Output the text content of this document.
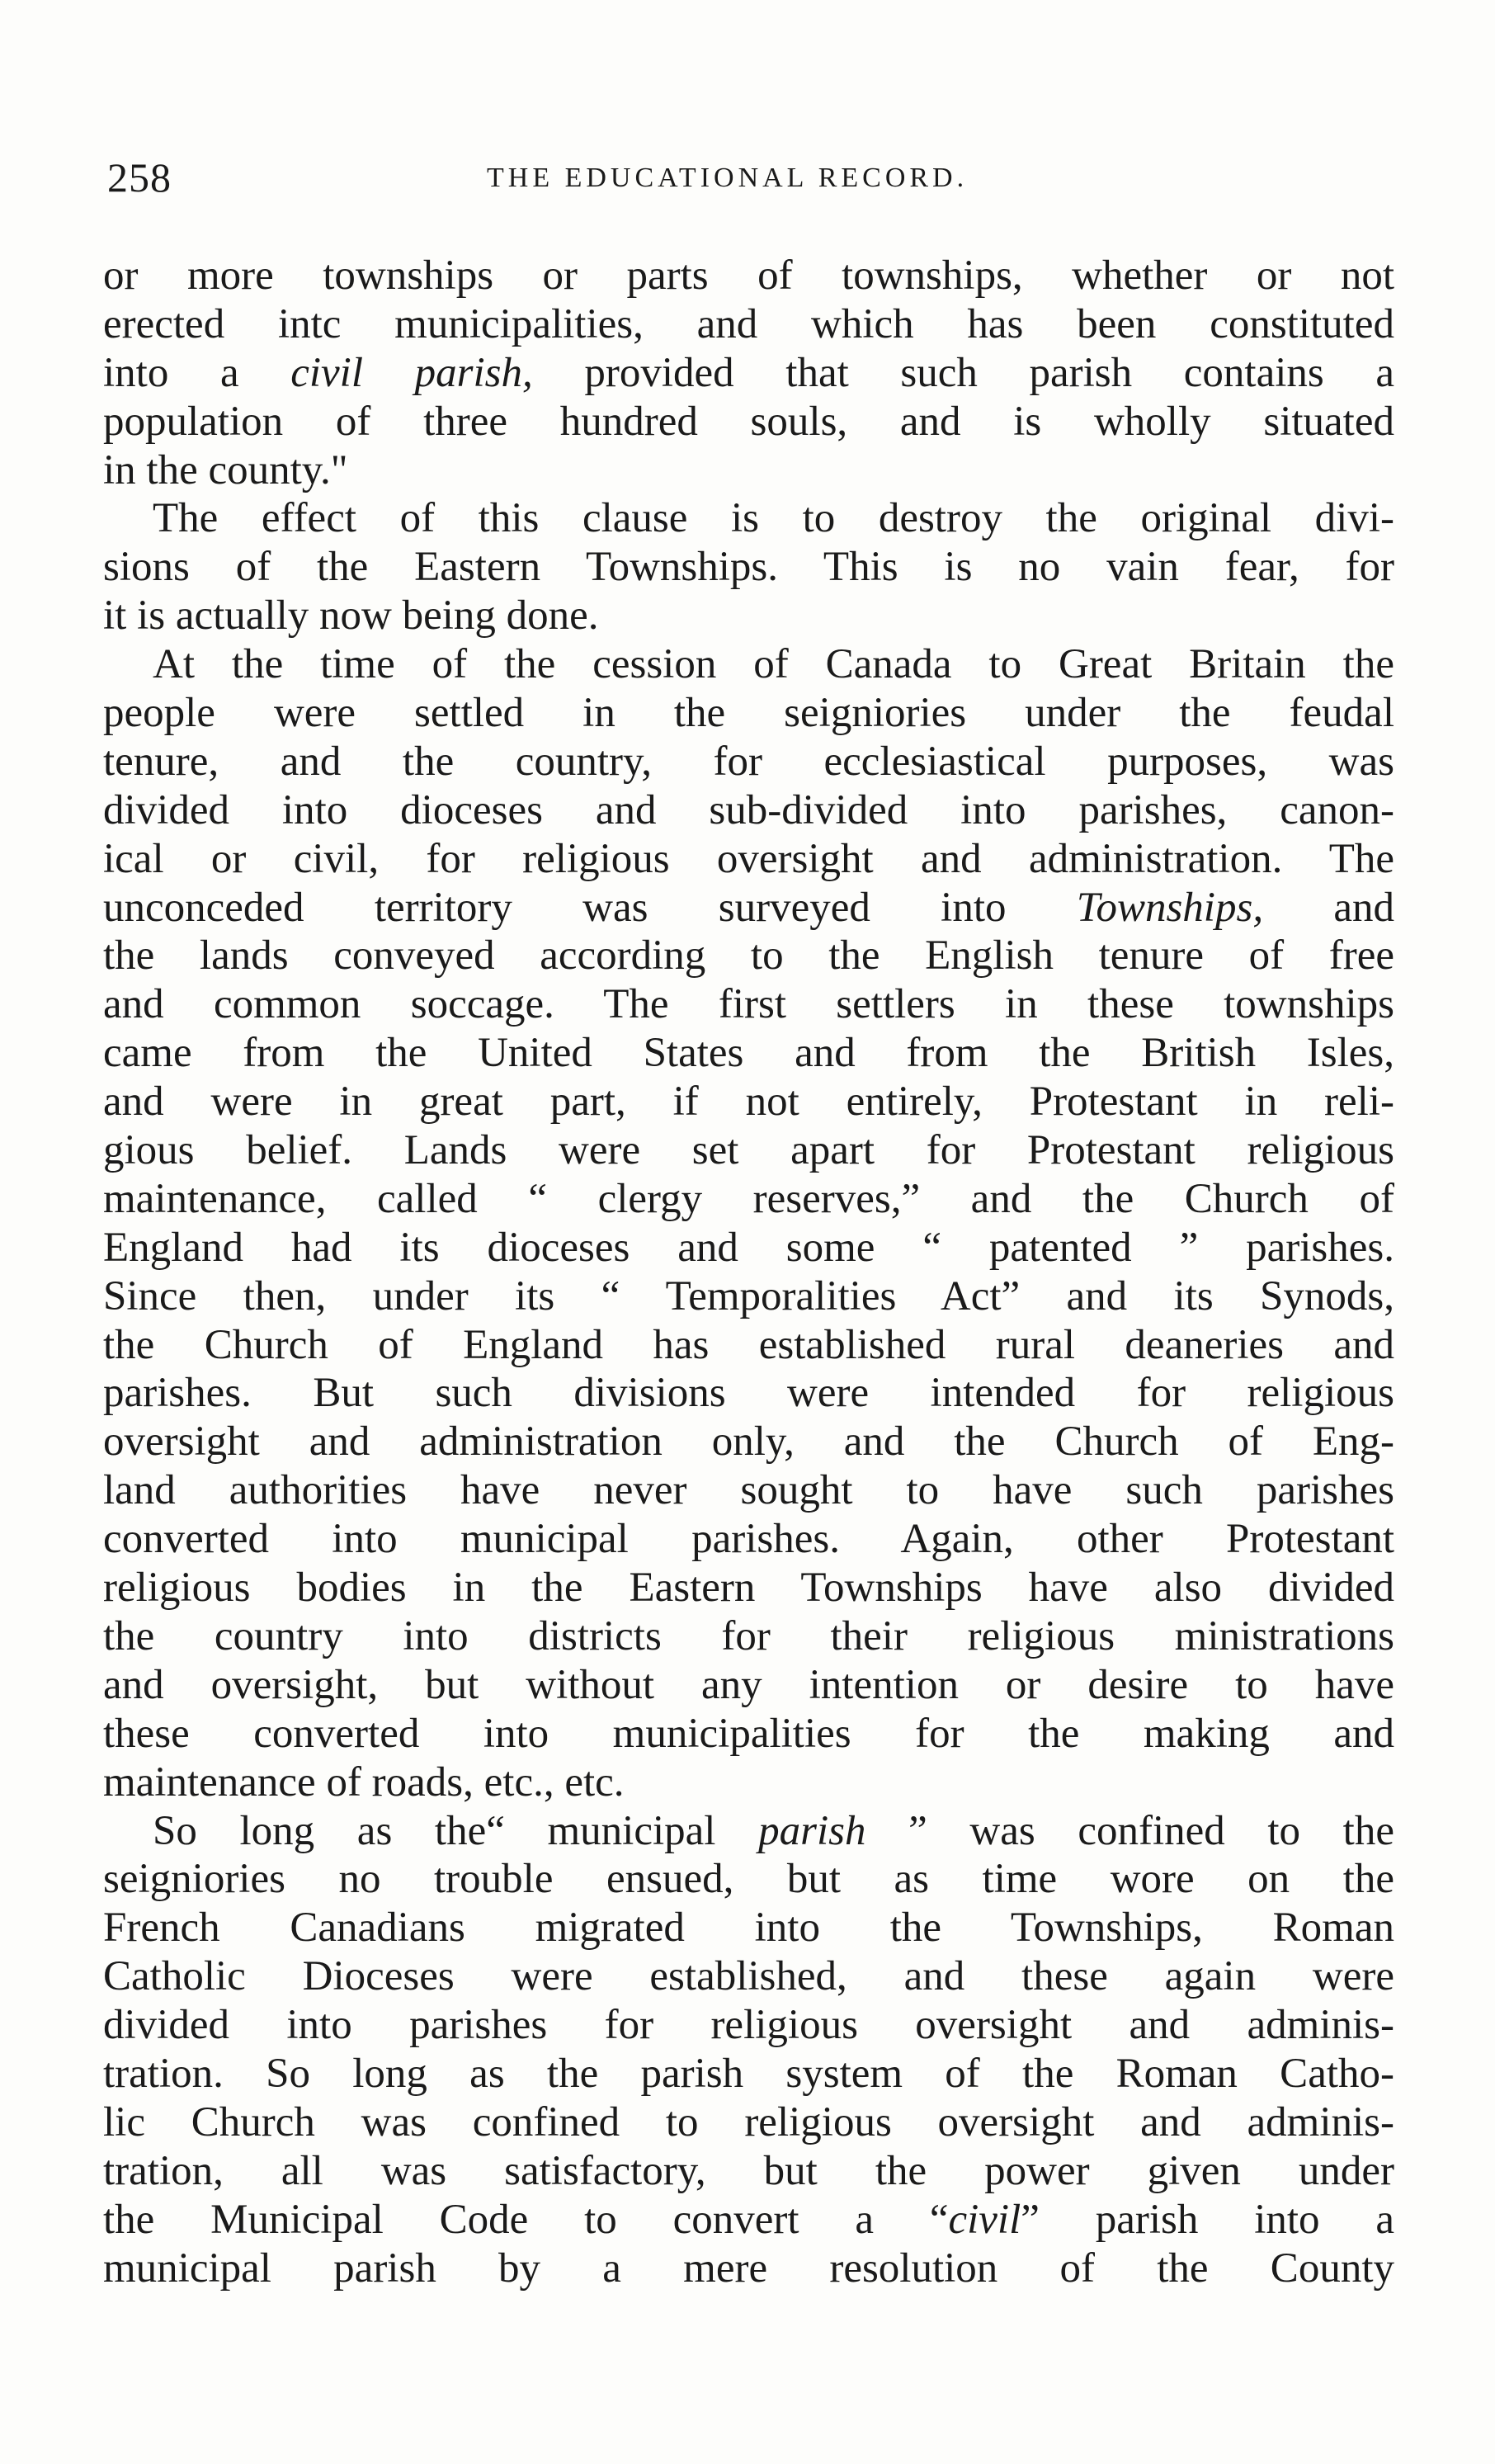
258	THE EDUCATIONAL RECORD.
or more townships or parts of townships, whether or not
erected intc municipalities, and which has been constituted
into a civil parish, provided that such parish contains a
population of three hundred souls, and is wholly situated
in the county."
The effect of this clause is to destroy the original divi-
sions of the Eastern Townships. This is no vain fear, for
it is actually now being done.
At the time of the cession of Canada to Great Britain the
people were settled in the seigniories under the feudal
tenure, and the country, for ecclesiastical purposes, was
divided into dioceses and sub-divided into parishes, canon-
ical or civil, for religious oversight and administration. The
unconceded territory was surveyed into Townships, and
the lands conveyed according to the English tenure of free
and common soccage. The first settlers in these townships
came from the United States and from the British Isles,
and were in great part, if not entirely, Protestant in reli-
gious belief. Lands were set apart for Protestant religious
maintenance, called “ clergy reserves,” and the Church of
England had its dioceses and some “ patented ” parishes.
Since then, under its “ Temporalities Act” and its Synods,
the Church of England has established rural deaneries and
parishes. But such divisions were intended for religious
oversight and administration only, and the Church of Eng-
land authorities have never sought to have such parishes
converted into municipal parishes. Again, other Protestant
religious bodies in the Eastern Townships have also divided
the country into districts for their religious ministrations
and oversight, but without any intention or desire to have
these converted into municipalities for the making and
maintenance of roads, etc., etc.
So long as the“ municipal parish ” was confined to the
seigniories no trouble ensued, but as time wore on the
French Canadians migrated into the Townships, Roman
Catholic Dioceses were established, and these again were
divided into parishes for religious oversight and adminis-
tration. So long as the parish system of the Roman Catho-
lic Church was confined to religious oversight and adminis-
tration, all was satisfactory, but the power given under
the Municipal Code to convert a “civil” parish into a
municipal parish by a mere resolution of the County
